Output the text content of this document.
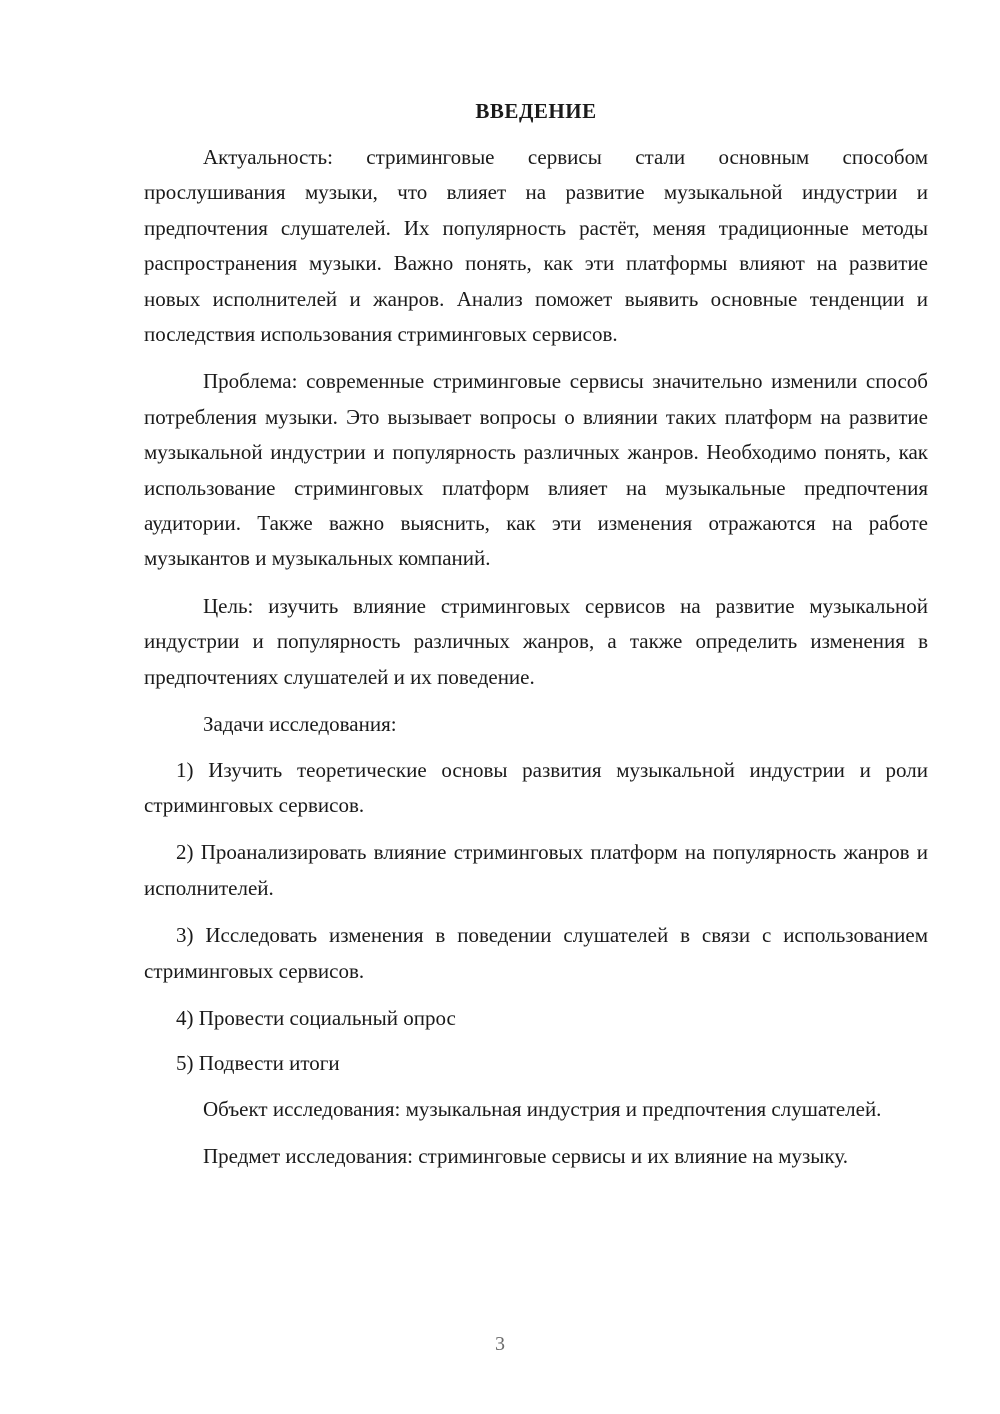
ВВЕДЕНИЕ

Актуальность: стриминговые сервисы стали основным способом прослушивания музыки, что влияет на развитие музыкальной индустрии и предпочтения слушателей. Их популярность растёт, меняя традиционные методы распространения музыки. Важно понять, как эти платформы влияют на развитие новых исполнителей и жанров. Анализ поможет выявить основные тенденции и последствия использования стриминговых сервисов.

Проблема: современные стриминговые сервисы значительно изменили способ потребления музыки. Это вызывает вопросы о влиянии таких платформ на развитие музыкальной индустрии и популярность различных жанров. Необходимо понять, как использование стриминговых платформ влияет на музыкальные предпочтения аудитории. Также важно выяснить, как эти изменения отражаются на работе музыкантов и музыкальных компаний.

Цель: изучить влияние стриминговых сервисов на развитие музыкальной индустрии и популярность различных жанров, а также определить изменения в предпочтениях слушателей и их поведение.

Задачи исследования:

1) Изучить теоретические основы развития музыкальной индустрии и роли стриминговых сервисов.

2) Проанализировать влияние стриминговых платформ на популярность жанров и исполнителей.

3) Исследовать изменения в поведении слушателей в связи с использованием стриминговых сервисов.

4) Провести социальный опрос

5) Подвести итоги

Объект исследования: музыкальная индустрия и предпочтения слушателей.

Предмет исследования: стриминговые сервисы и их влияние на музыку.

3
